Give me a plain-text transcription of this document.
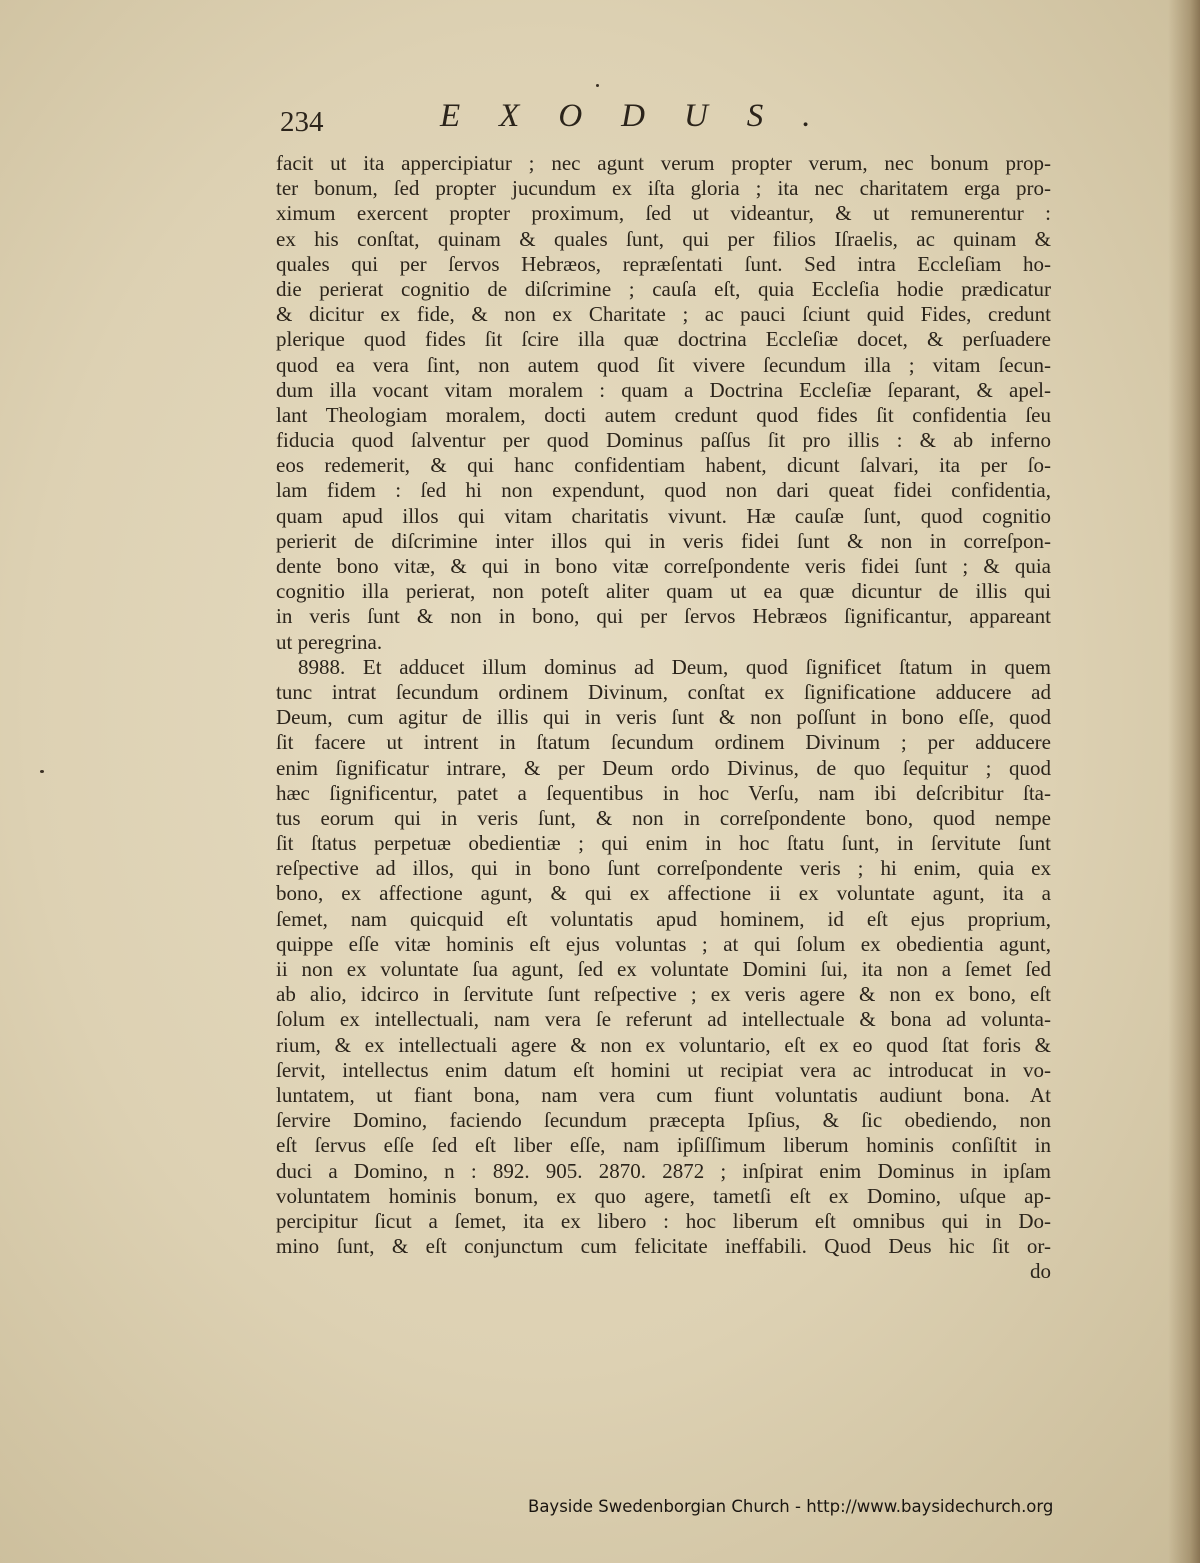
234	EXODUS.
facit ut ita appercipiatur ; nec agunt verum propter verum, nec bonum prop-
ter bonum, ſed propter jucundum ex iſta gloria ; ita nec charitatem erga pro-
ximum exercent propter proximum, ſed ut videantur, & ut remunerentur :
ex his conſtat, quinam & quales ſunt, qui per filios Iſraelis, ac quinam &
quales qui per ſervos Hebræos, repræſentati ſunt. Sed intra Eccleſiam ho-
die perierat cognitio de diſcrimine ; cauſa eſt, quia Eccleſia hodie prædicatur
& dicitur ex fide, & non ex Charitate ; ac pauci ſciunt quid Fides, credunt
plerique quod fides ſit ſcire illa quæ doctrina Eccleſiæ docet, & perſuadere
quod ea vera ſint, non autem quod ſit vivere ſecundum illa ; vitam ſecun-
dum illa vocant vitam moralem : quam a Doctrina Eccleſiæ ſeparant, & apel-
lant Theologiam moralem, docti autem credunt quod fides ſit confidentia ſeu
fiducia quod ſalventur per quod Dominus paſſus ſit pro illis : & ab inferno
eos redemerit, & qui hanc confidentiam habent, dicunt ſalvari, ita per ſo-
lam fidem : ſed hi non expendunt, quod non dari queat fidei confidentia,
quam apud illos qui vitam charitatis vivunt. Hæ cauſæ ſunt, quod cognitio
perierit de diſcrimine inter illos qui in veris fidei ſunt & non in correſpon-
dente bono vitæ, & qui in bono vitæ correſpondente veris fidei ſunt ; & quia
cognitio illa perierat, non poteſt aliter quam ut ea quæ dicuntur de illis qui
in veris ſunt & non in bono, qui per ſervos Hebræos ſignificantur, appareant
ut peregrina.
8988. Et adducet illum dominus ad Deum, quod ſignificet ſtatum in quem
tunc intrat ſecundum ordinem Divinum, conſtat ex ſignificatione adducere ad
Deum, cum agitur de illis qui in veris ſunt & non poſſunt in bono eſſe, quod
ſit facere ut intrent in ſtatum ſecundum ordinem Divinum ; per adducere
enim ſignificatur intrare, & per Deum ordo Divinus, de quo ſequitur ; quod
hæc ſignificentur, patet a ſequentibus in hoc Verſu, nam ibi deſcribitur ſta-
tus eorum qui in veris ſunt, & non in correſpondente bono, quod nempe
ſit ſtatus perpetuæ obedientiæ ; qui enim in hoc ſtatu ſunt, in ſervitute ſunt
reſpective ad illos, qui in bono ſunt correſpondente veris ; hi enim, quia ex
bono, ex affectione agunt, & qui ex affectione ii ex voluntate agunt, ita a
ſemet, nam quicquid eſt voluntatis apud hominem, id eſt ejus proprium,
quippe eſſe vitæ hominis eſt ejus voluntas ; at qui ſolum ex obedientia agunt,
ii non ex voluntate ſua agunt, ſed ex voluntate Domini ſui, ita non a ſemet ſed
ab alio, idcirco in ſervitute ſunt reſpective ; ex veris agere & non ex bono, eſt
ſolum ex intellectuali, nam vera ſe referunt ad intellectuale & bona ad volunta-
rium, & ex intellectuali agere & non ex voluntario, eſt ex eo quod ſtat foris &
ſervit, intellectus enim datum eſt homini ut recipiat vera ac introducat in vo-
luntatem, ut fiant bona, nam vera cum fiunt voluntatis audiunt bona. At
ſervire Domino, faciendo ſecundum præcepta Ipſius, & ſic obediendo, non
eſt ſervus eſſe ſed eſt liber eſſe, nam ipſiſſimum liberum hominis conſiſtit in
duci a Domino, n : 892. 905. 2870. 2872 ; inſpirat enim Dominus in ipſam
voluntatem hominis bonum, ex quo agere, tametſi eſt ex Domino, uſque ap-
percipitur ſicut a ſemet, ita ex libero : hoc liberum eſt omnibus qui in Do-
mino ſunt, & eſt conjunctum cum felicitate ineffabili. Quod Deus hic ſit or-
do
Bayside Swedenborgian Church - http://www.baysidechurch.org
